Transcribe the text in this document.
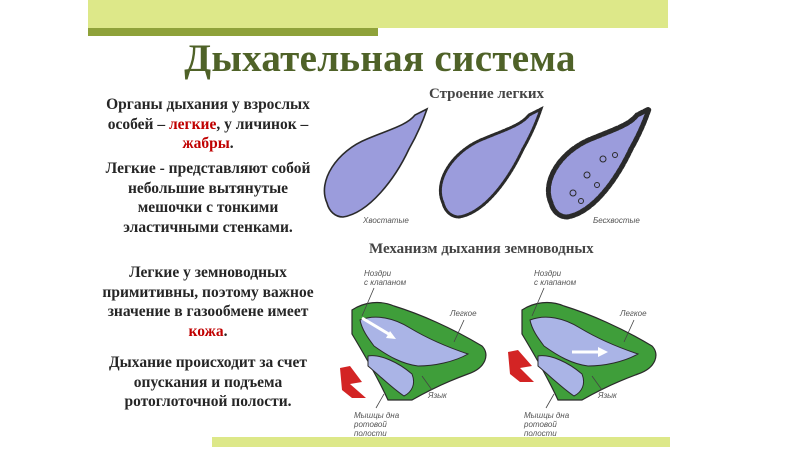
Дыхательная система
Органы дыхания у взрослых особей – легкие, у личинок – жабры.
Легкие - представляют собой небольшие вытянутые мешочки с тонкими эластичными стенками.
Легкие у земноводных примитивны, поэтому важное значение в газообмене имеет кожа.
Дыхание происходит за счет опускания и подъема ротоглоточной полости.
Строение легких
Хвостатые	Бесхвостые
Механизм дыхания земноводных
Ноздри
с клапаном
Легкое
Язык
Мышцы дна
ротовой
полости
Ноздри
с клапаном
Легкое
Язык
Мышцы дна
ротовой
полости
